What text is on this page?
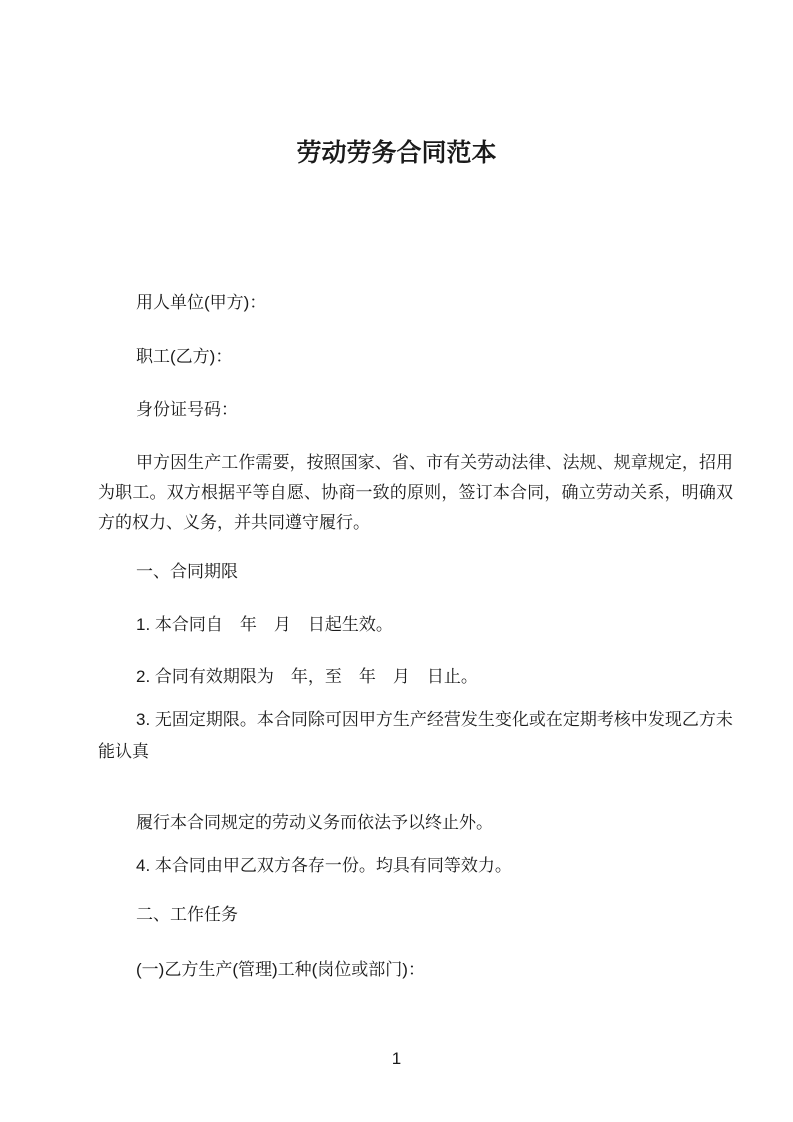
劳动劳务合同范本
用人单位(甲方)：
职工(乙方)：
身份证号码：
甲方因生产工作需要，按照国家、省、市有关劳动法律、法规、规章规定，招用
为职工。双方根据平等自愿、协商一致的原则，签订本合同，确立劳动关系，明确双
方的权力、义务，并共同遵守履行。
一、合同期限
1. 本合同自　年　月　日起生效。
2. 合同有效期限为　年，至　年　月　日止。
3. 无固定期限。本合同除可因甲方生产经营发生变化或在定期考核中发现乙方未
能认真
履行本合同规定的劳动义务而依法予以终止外。
4. 本合同由甲乙双方各存一份。均具有同等效力。
二、工作任务
(一)乙方生产(管理)工种(岗位或部门)：
1
